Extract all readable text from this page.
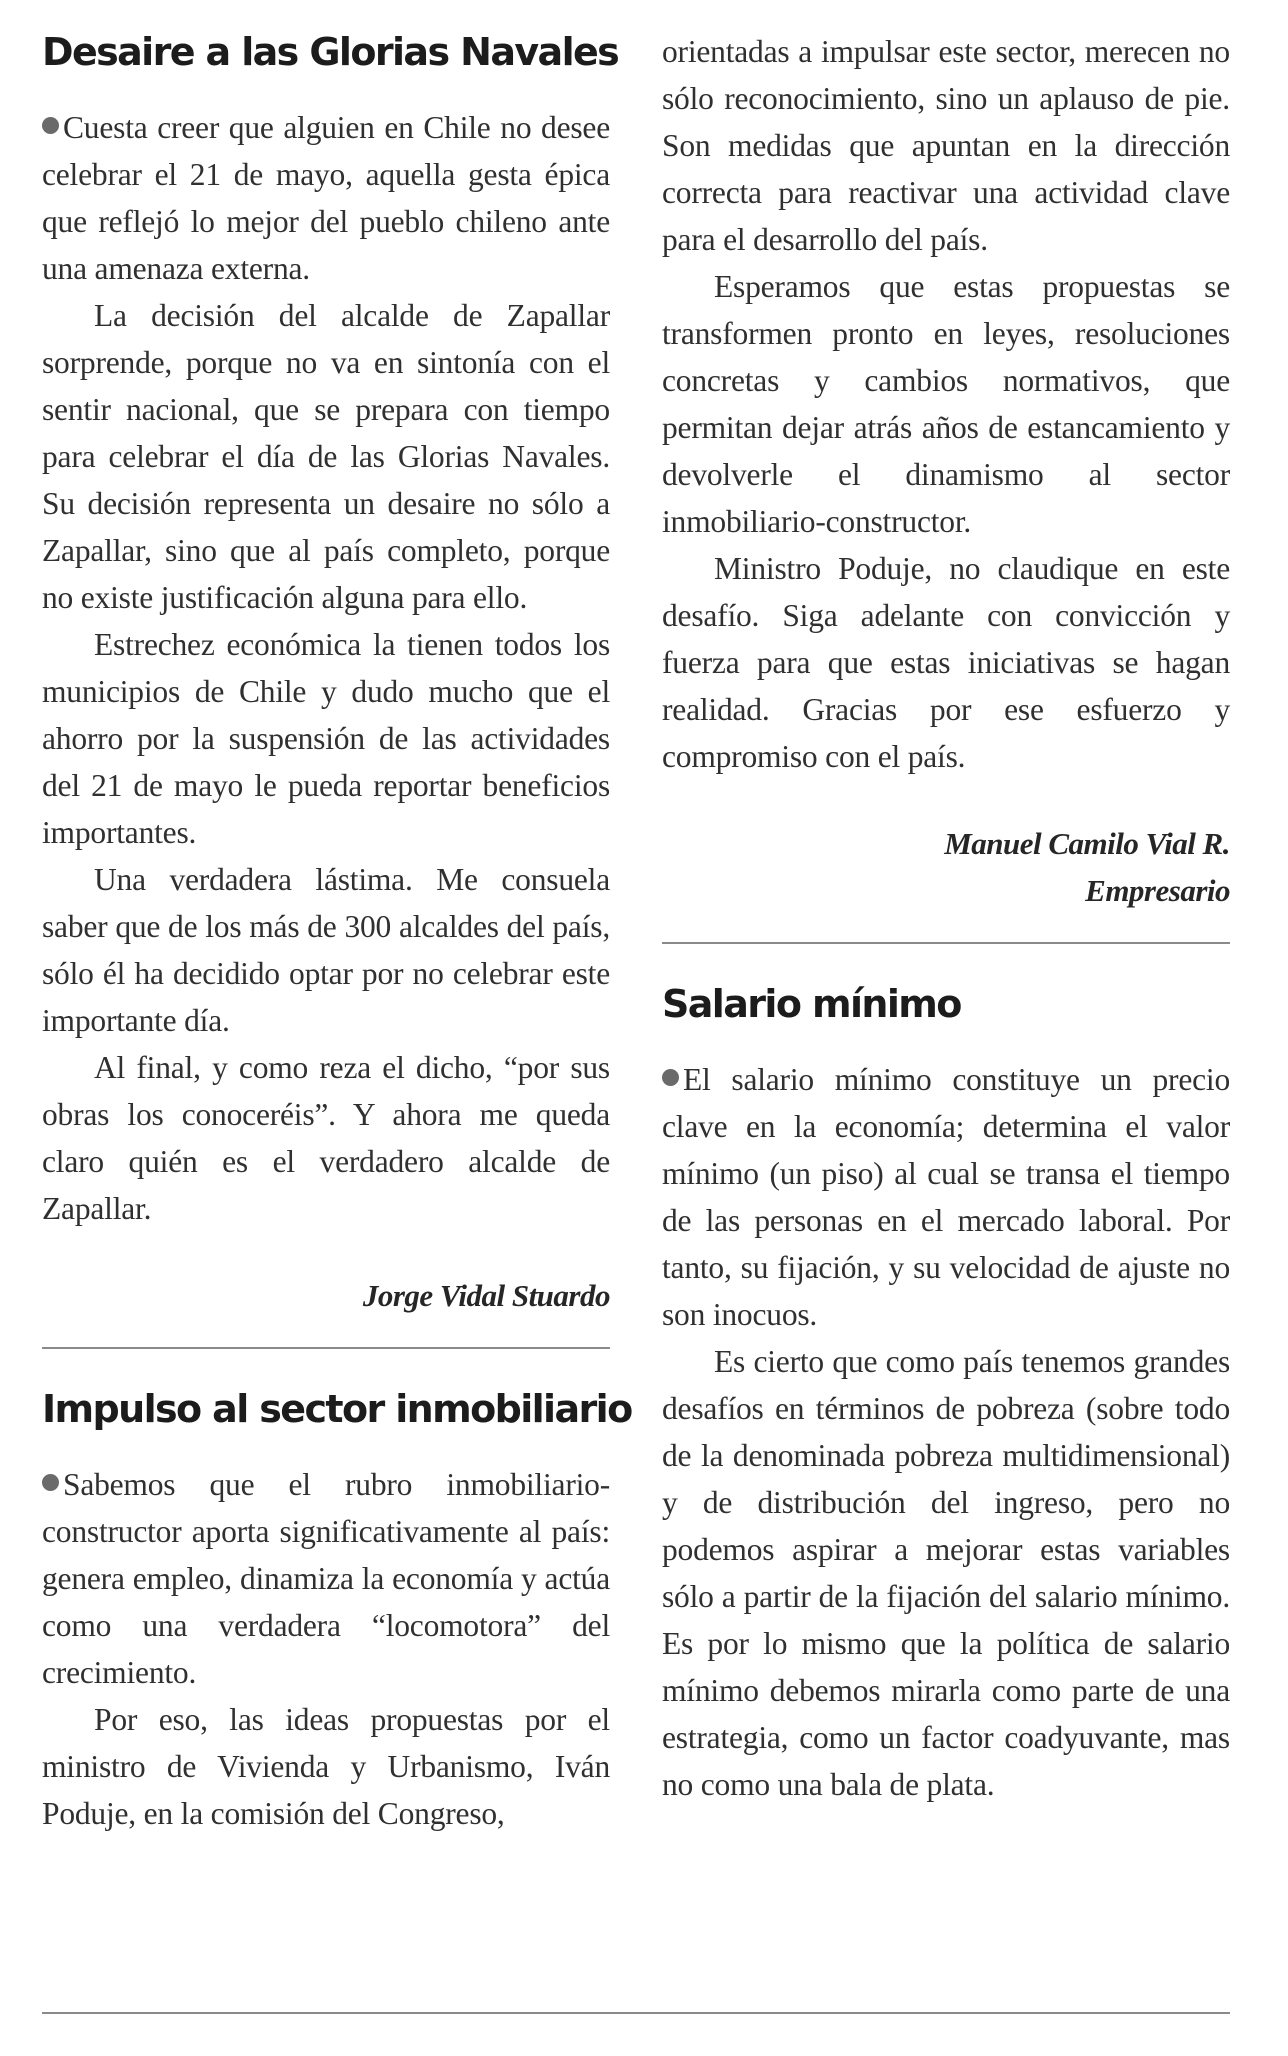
Desaire a las Glorias Navales

Cuesta creer que alguien en Chile no desee celebrar el 21 de mayo, aquella gesta épica que reflejó lo mejor del pueblo chileno ante una amenaza externa.

La decisión del alcalde de Zapallar sorprende, porque no va en sintonía con el sentir nacional, que se prepara con tiempo para celebrar el día de las Glorias Navales. Su decisión representa un desaire no sólo a Zapallar, sino que al país completo, porque no existe justificación alguna para ello.

Estrechez económica la tienen todos los municipios de Chile y dudo mucho que el ahorro por la suspensión de las actividades del 21 de mayo le pueda reportar beneficios importantes.

Una verdadera lástima. Me consuela saber que de los más de 300 alcaldes del país, sólo él ha decidido optar por no celebrar este importante día.

Al final, y como reza el dicho, “por sus obras los conoceréis”. Y ahora me queda claro quién es el verdadero alcalde de Zapallar.

Jorge Vidal Stuardo

Impulso al sector inmobiliario

Sabemos que el rubro inmobiliario-constructor aporta significativamente al país: genera empleo, dinamiza la economía y actúa como una verdadera “locomotora” del crecimiento.

Por eso, las ideas propuestas por el ministro de Vivienda y Urbanismo, Iván Poduje, en la comisión del Congreso,

orientadas a impulsar este sector, merecen no sólo reconocimiento, sino un aplauso de pie. Son medidas que apuntan en la dirección correcta para reactivar una actividad clave para el desarrollo del país.

Esperamos que estas propuestas se transformen pronto en leyes, resoluciones concretas y cambios normativos, que permitan dejar atrás años de estancamiento y devolverle el dinamismo al sector inmobiliario-constructor.

Ministro Poduje, no claudique en este desafío. Siga adelante con convicción y fuerza para que estas iniciativas se hagan realidad. Gracias por ese esfuerzo y compromiso con el país.

Manuel Camilo Vial R.

Empresario

Salario mínimo

El salario mínimo constituye un precio clave en la economía; determina el valor mínimo (un piso) al cual se transa el tiempo de las personas en el mercado laboral. Por tanto, su fijación, y su velocidad de ajuste no son inocuos.

Es cierto que como país tenemos grandes desafíos en términos de pobreza (sobre todo de la denominada pobreza multidimensional) y de distribución del ingreso, pero no podemos aspirar a mejorar estas variables sólo a partir de la fijación del salario mínimo. Es por lo mismo que la política de salario mínimo debemos mirarla como parte de una estrategia, como un factor coadyuvante, mas no como una bala de plata.
